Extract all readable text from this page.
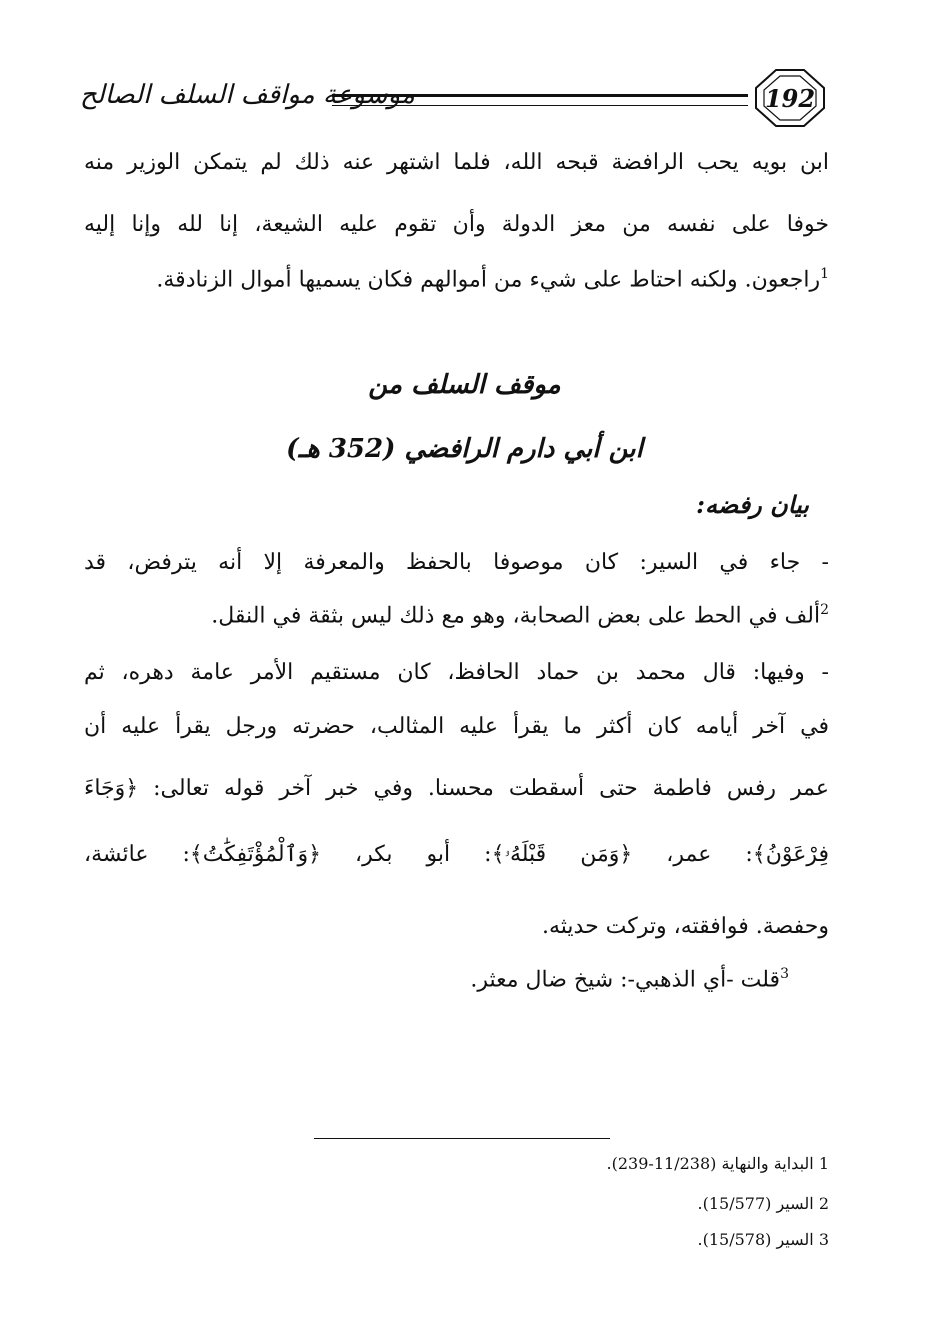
موسوعة مواقف السلف الصالح	192
ابن بويه يحب الرافضة قبحه الله، فلما اشتهر عنه ذلك لم يتمكن الوزير منه
خوفا على نفسه من معز الدولة وأن تقوم عليه الشيعة، إنا لله وإنا إليه
$^1$راجعون. ولكنه احتاط على شيء من أموالهم فكان يسميها أموال الزنادقة.
موقف السلف من
ابن أبي دارم الرافضي (352 هـ)
بيان رفضه:
- جاء في السير: كان موصوفا بالحفظ والمعرفة إلا أنه يترفض، قد
$^2$ألف في الحط على بعض الصحابة، وهو مع ذلك ليس بثقة في النقل.
- وفيها: قال محمد بن حماد الحافظ، كان مستقيم الأمر عامة دهره، ثم
في آخر أيامه كان أكثر ما يقرأ عليه المثالب، حضرته ورجل يقرأ عليه أن
عمر رفس فاطمة حتى أسقطت محسنا. وفي خبر آخر قوله تعالى: ﴿وَجَاءَ
فِرْعَوْنُ﴾: عمر، ﴿وَمَن قَبْلَهُۥ﴾: أبو بكر، ﴿وَٱلْمُؤْتَفِكَٰتُ﴾: عائشة،
وحفصة. فوافقته، وتركت حديثه.
$^3$قلت -أي الذهبي-: شيخ ضال معثر.
1 البداية والنهاية (11/238-239).
2 السير (15/577).
3 السير (15/578).
